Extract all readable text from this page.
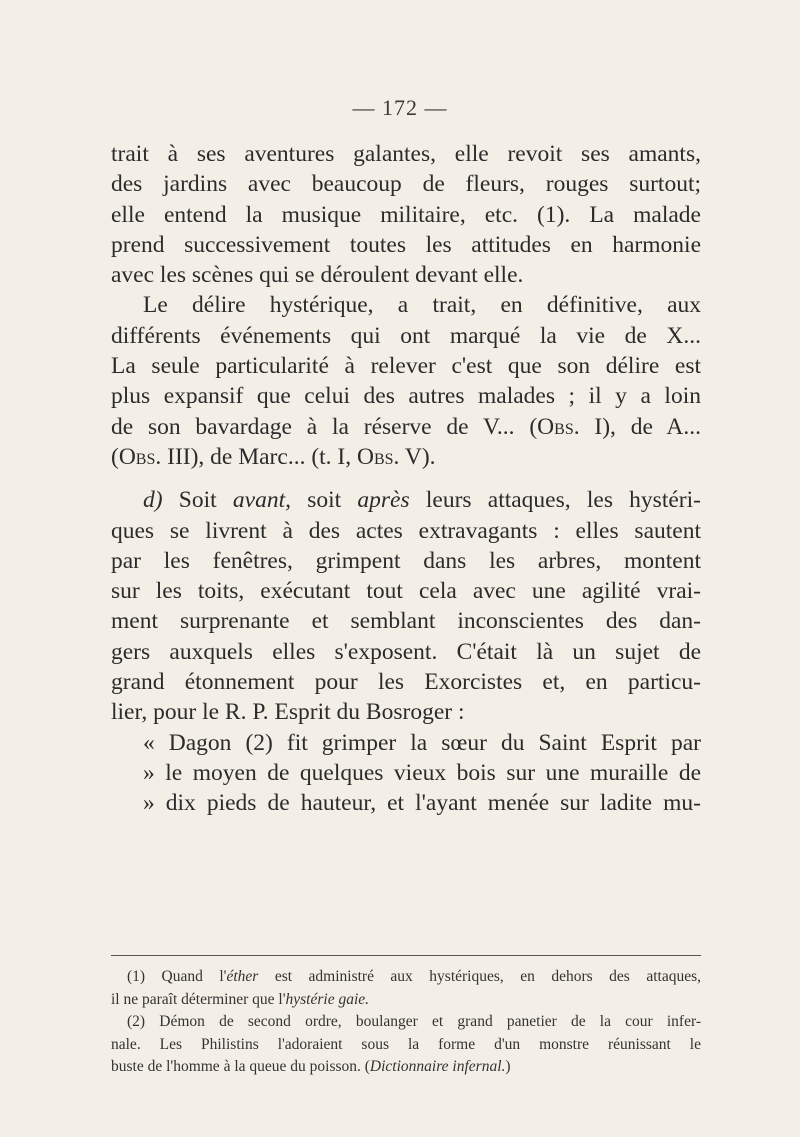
— 172 —
trait à ses aventures galantes, elle revoit ses amants,
des jardins avec beaucoup de fleurs, rouges surtout;
elle entend la musique militaire, etc. (1). La malade
prend successivement toutes les attitudes en harmonie
avec les scènes qui se déroulent devant elle.
Le délire hystérique, a trait, en définitive, aux
différents événements qui ont marqué la vie de X...
La seule particularité à relever c'est que son délire est
plus expansif que celui des autres malades ; il y a loin
de son bavardage à la réserve de V... (Obs. I), de A...
(Obs. III), de Marc... (t. I, Obs. V).
d) Soit avant, soit après leurs attaques, les hystéri-
ques se livrent à des actes extravagants : elles sautent
par les fenêtres, grimpent dans les arbres, montent
sur les toits, exécutant tout cela avec une agilité vrai-
ment surprenante et semblant inconscientes des dan-
gers auxquels elles s'exposent. C'était là un sujet de
grand étonnement pour les Exorcistes et, en particu-
lier, pour le R. P. Esprit du Bosroger :
« Dagon (2) fit grimper la sœur du Saint Esprit par
» le moyen de quelques vieux bois sur une muraille de
» dix pieds de hauteur, et l'ayant menée sur ladite mu-
(1) Quand l'éther est administré aux hystériques, en dehors des attaques,
il ne paraît déterminer que l'hystérie gaie.
(2) Démon de second ordre, boulanger et grand panetier de la cour infer-
nale. Les Philistins l'adoraient sous la forme d'un monstre réunissant le
buste de l'homme à la queue du poisson. (Dictionnaire infernal.)
